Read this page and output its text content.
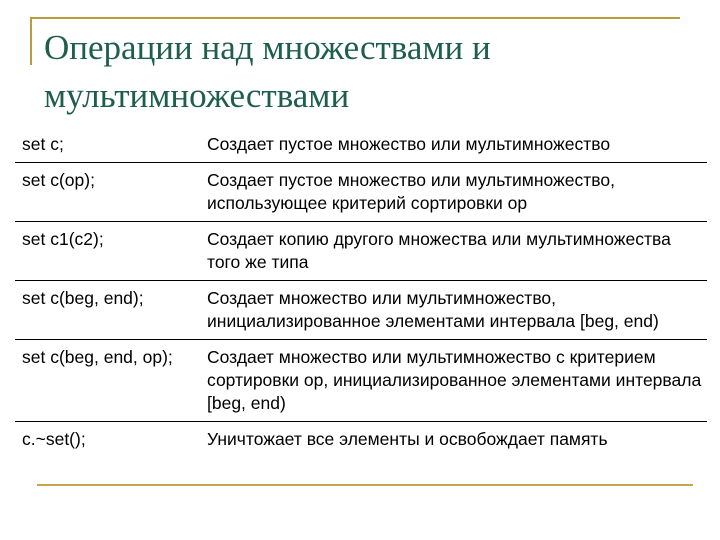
Операции над множествами и мультимножествами
set c;	Создает пустое множество или мультимножество
set c(op);	Создает пустое множество или мультимножество, использующее критерий сортировки op
set c1(c2);	Создает копию другого множества или мультимножества того же типа
set c(beg, end);	Создает множество или мультимножество, инициализированное элементами интервала [beg, end)
set c(beg, end, op);	Создает множество или мультимножество с критерием сортировки op, инициализированное элементами интервала [beg, end)
c.~set();	Уничтожает все элементы и освобождает память
